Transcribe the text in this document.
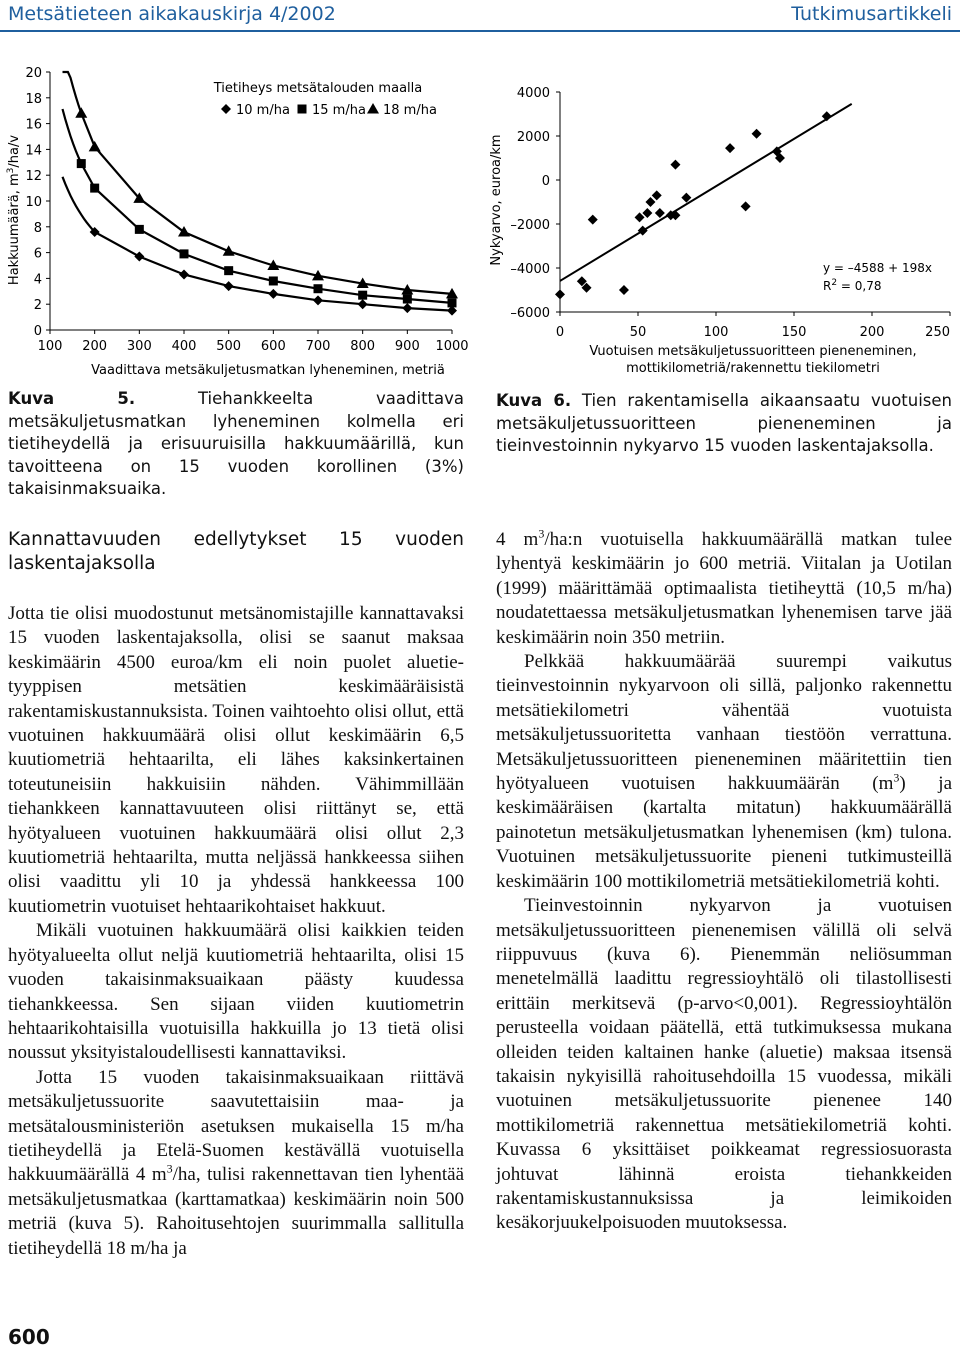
Metsätieteen aikakauskirja 4/2002	Tutkimusartikkeli
Hakkuumäärä, $m^3/ha/v$
0
2
4
6
8
10
12
14
16
18
20
100 200 300 400 500 600 700 800 900 1000
Tietiheys metsätalouden maalla
10 m/ha 15 m/ha 18 m/ha
Vaadittava metsäkuljetusmatkan lyheneminen, metriä
Kuva 5.	Tiehankkeelta vaadittava metsäkuljetusmatkan lyheneminen kolmella eri tietiheydellä ja erisuuruisilla hakkuumäärillä, kun tavoitteena on 15 vuoden korollinen (3%) takaisinmaksuaika.
Nykyarvo, euroa/km
4000
2000
0
–2000
–4000
–6000
0	50	100	150	200	250
y = –4588 + 198x
$R^2 = 0,78$
Vuotuisen metsäkuljetussuoritteen pieneneminen,
mottikilometriä/rakennettu tiekilometri
Kuva 6. Tien rakentamisella aikaansaatu vuotuisen metsäkuljetussuoritteen pieneneminen ja tieinvestoinnin nykyarvo 15 vuoden laskentajaksolla.
Kannattavuuden edellytykset 15 vuoden laskentajaksolla

Jotta tie olisi muodostunut metsänomistajille kannattavaksi 15 vuoden laskentajaksolla, olisi se saanut maksaa keskimäärin 4500 euroa/km eli noin puolet aluetie-tyyppisen metsätien keskimääräisistä rakentamiskustannuksista. Toinen vaihtoehto olisi ollut, että vuotuinen hakkuumäärä olisi ollut keskimäärin 6,5 kuutiometriä hehtaarilta, eli lähes kaksinkertainen toteutuneisiin hakkuisiin nähden. Vähimmillään tiehankkeen kannattavuuteen olisi riittänyt se, että hyötyalueen vuotuinen hakkuumäärä olisi ollut 2,3 kuutiometriä hehtaarilta, mutta neljässä hankkeessa siihen olisi vaadittu yli 10 ja yhdessä hankkeessa 100 kuutiometrin vuotuiset hehtaarikohtaiset hakkuut.

Mikäli vuotuinen hakkuumäärä olisi kaikkien teiden hyötyalueelta ollut neljä kuutiometriä hehtaarilta, olisi 15 vuoden takaisinmaksuaikaan päästy kuudessa tiehankkeessa. Sen sijaan viiden kuutiometrin hehtaarikohtaisilla vuotuisilla hakkuilla jo 13 tietä olisi noussut yksityistaloudellisesti kannattaviksi.

Jotta 15 vuoden takaisinmaksuaikaan riittävä metsäkuljetussuorite saavutettaisiin maa- ja metsätalousministeriön asetuksen mukaisella 15 m/ha tietiheydellä ja Etelä-Suomen kestävällä vuotuisella hakkuumäärällä 4 $m^3/ha$, tulisi rakennettavan tien lyhentää metsäkuljetusmatkaa (karttamatkaa) keskimäärin noin 500 metriä (kuva 5). Rahoitusehtojen suurimmalla sallitulla tietiheydellä 18 m/ha ja

4 $m^3/ha:n$ vuotuisella hakkuumäärällä matkan tulee lyhentyä keskimäärin jo 600 metriä. Viitalan ja Uotilan (1999) määrittämää optimaalista tietiheyttä (10,5 m/ha) noudatettaessa metsäkuljetusmatkan lyhenemisen tarve jää keskimäärin noin 350 metriin.

Pelkkää hakkuumäärää suurempi vaikutus tieinvestoinnin nykyarvoon oli sillä, paljonko rakennettu metsätiekilometri vähentää vuotuista metsäkuljetussuoritetta vanhaan tiestöön verrattuna. Metsäkuljetussuoritteen pieneneminen määritettiin tien hyötyalueen vuotuisen hakkuumäärän $(m^3)$ ja keskimääräisen (kartalta mitatun) hakkuumäärällä painotetun metsäkuljetusmatkan lyhenemisen (km) tulona. Vuotuinen metsäkuljetussuorite pieneni tutkimusteillä keskimäärin 100 mottikilometriä metsätiekilometriä kohti.

Tieinvestoinnin nykyarvon ja vuotuisen metsäkuljetussuoritteen pienenemisen välillä oli selvä riippuvuus (kuva 6). Pienemmän neliösumman menetelmällä laadittu regressioyhtälö oli tilastollisesti erittäin merkitsevä (p-arvo<0,001). Regressioyhtälön perusteella voidaan päätellä, että tutkimuksessa mukana olleiden teiden kaltainen hanke (aluetie) maksaa itsensä takaisin nykyisillä rahoitusehdoilla 15 vuodessa, mikäli vuotuinen metsäkuljetussuorite pienenee 140 mottikilometriä rakennettua metsätiekilometriä kohti. Kuvassa 6 yksittäiset poikkeamat regressiosuorasta johtuvat lähinnä eroista tiehankkeiden rakentamiskustannuksissa ja leimikoiden kesäkorjuukelpoisuoden muutoksessa.

600
